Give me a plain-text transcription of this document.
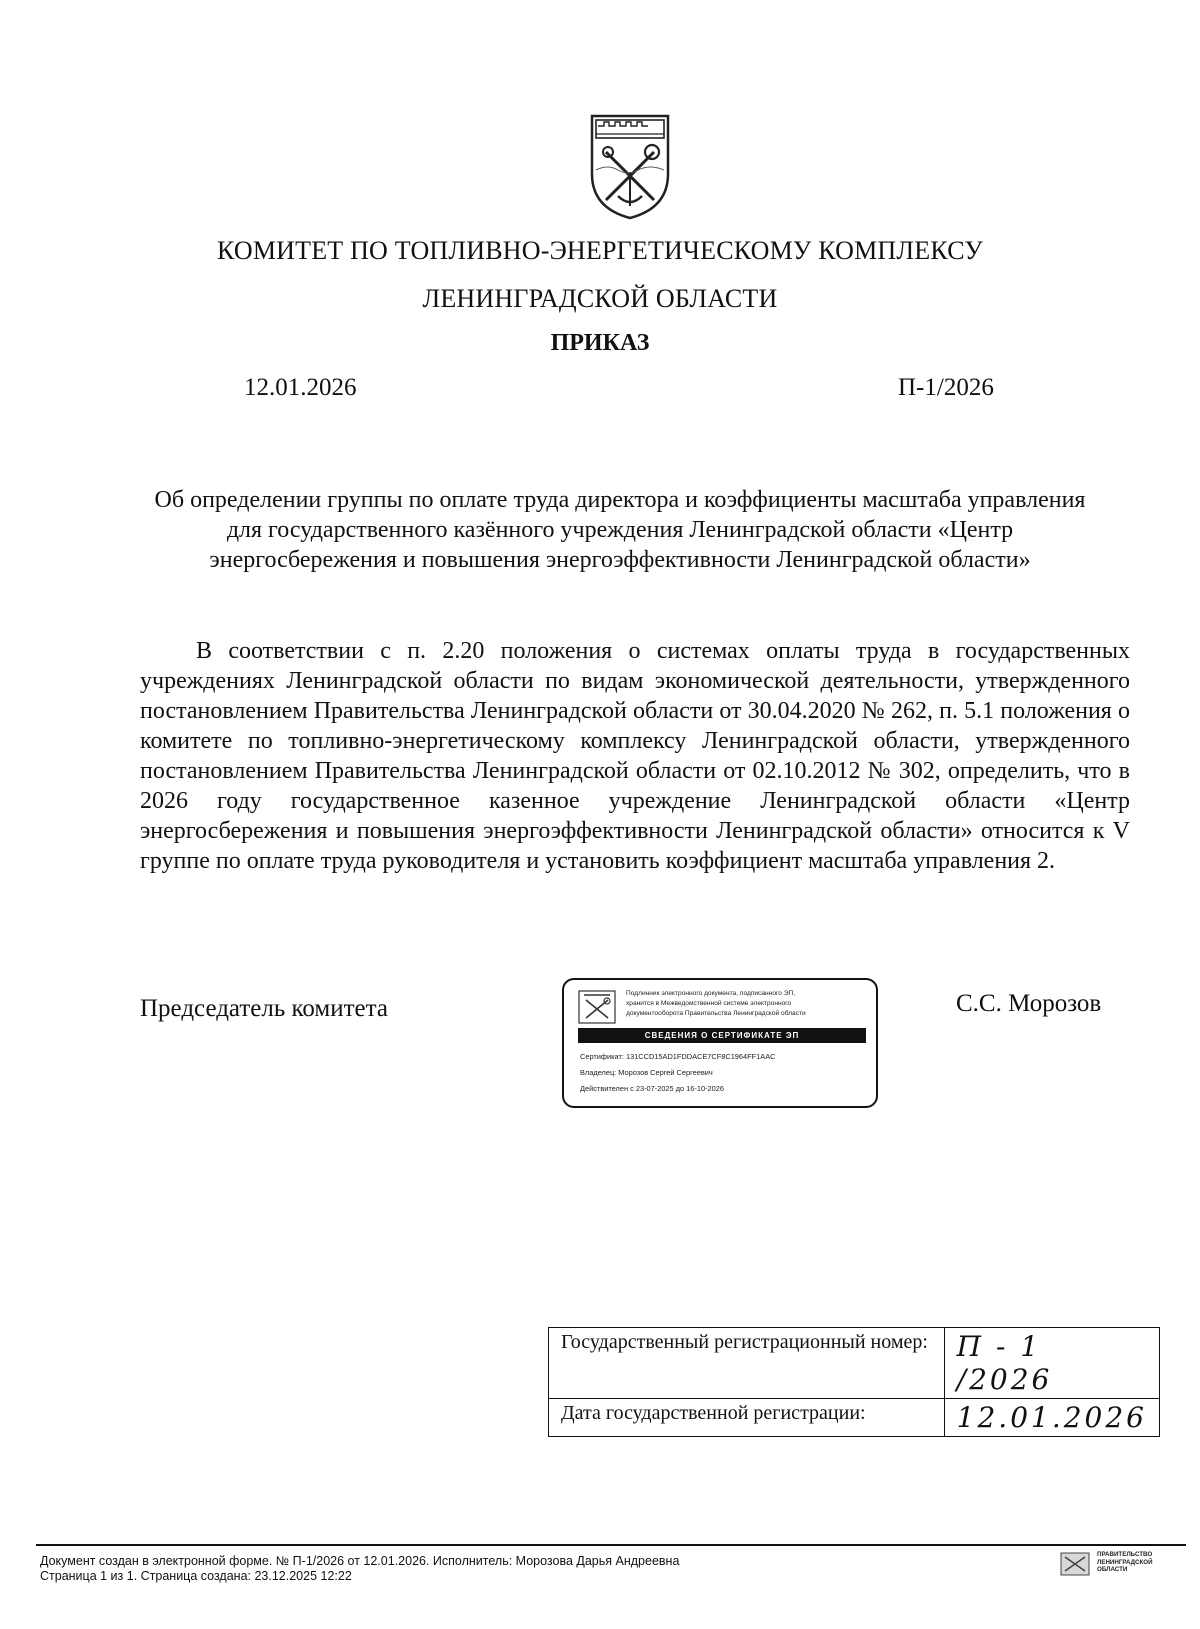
КОМИТЕТ ПО ТОПЛИВНО-ЭНЕРГЕТИЧЕСКОМУ КОМПЛЕКСУ
ЛЕНИНГРАДСКОЙ ОБЛАСТИ
ПРИКАЗ
12.01.2026	П-1/2026
Об определении группы по оплате труда директора и коэффициенты масштаба управления для государственного казённого учреждения Ленинградской области «Центр энергосбережения и повышения энергоэффективности Ленинградской области»
В соответствии с п. 2.20 положения о системах оплаты труда в государственных учреждениях Ленинградской области по видам экономической деятельности, утвержденного постановлением Правительства Ленинградской области от 30.04.2020 № 262, п. 5.1 положения о комитете по топливно-энергетическому комплексу Ленинградской области, утвержденного постановлением Правительства Ленинградской области от 02.10.2012 № 302, определить, что в 2026 году государственное казенное учреждение Ленинградской области «Центр энергосбережения и повышения энергоэффективности Ленинградской области» относится к V группе по оплате труда руководителя и установить коэффициент масштаба управления 2.
Председатель комитета
Подлинник электронного документа, подписанного ЭП,
хранится в Межведомственной системе электронного
документооборота Правительства Ленинградской области
СВЕДЕНИЯ О СЕРТИФИКАТЕ ЭП
Сертификат: 131CCD15AD1FDDACE7CF8C1964FF1AAC
Владелец: Морозов Сергей Сергеевич
Действителен с 23-07-2025 до 16-10-2026
С.С. Морозов
Государственный регистрационный номер:	П - 1 /2026
Дата государственной регистрации:	12.01.2026
Документ создан в электронной форме. № П-1/2026 от 12.01.2026. Исполнитель: Морозова Дарья Андреевна
Страница 1 из 1. Страница создана: 23.12.2025 12:22
ПРАВИТЕЛЬСТВО
ЛЕНИНГРАДСКОЙ
ОБЛАСТИ
